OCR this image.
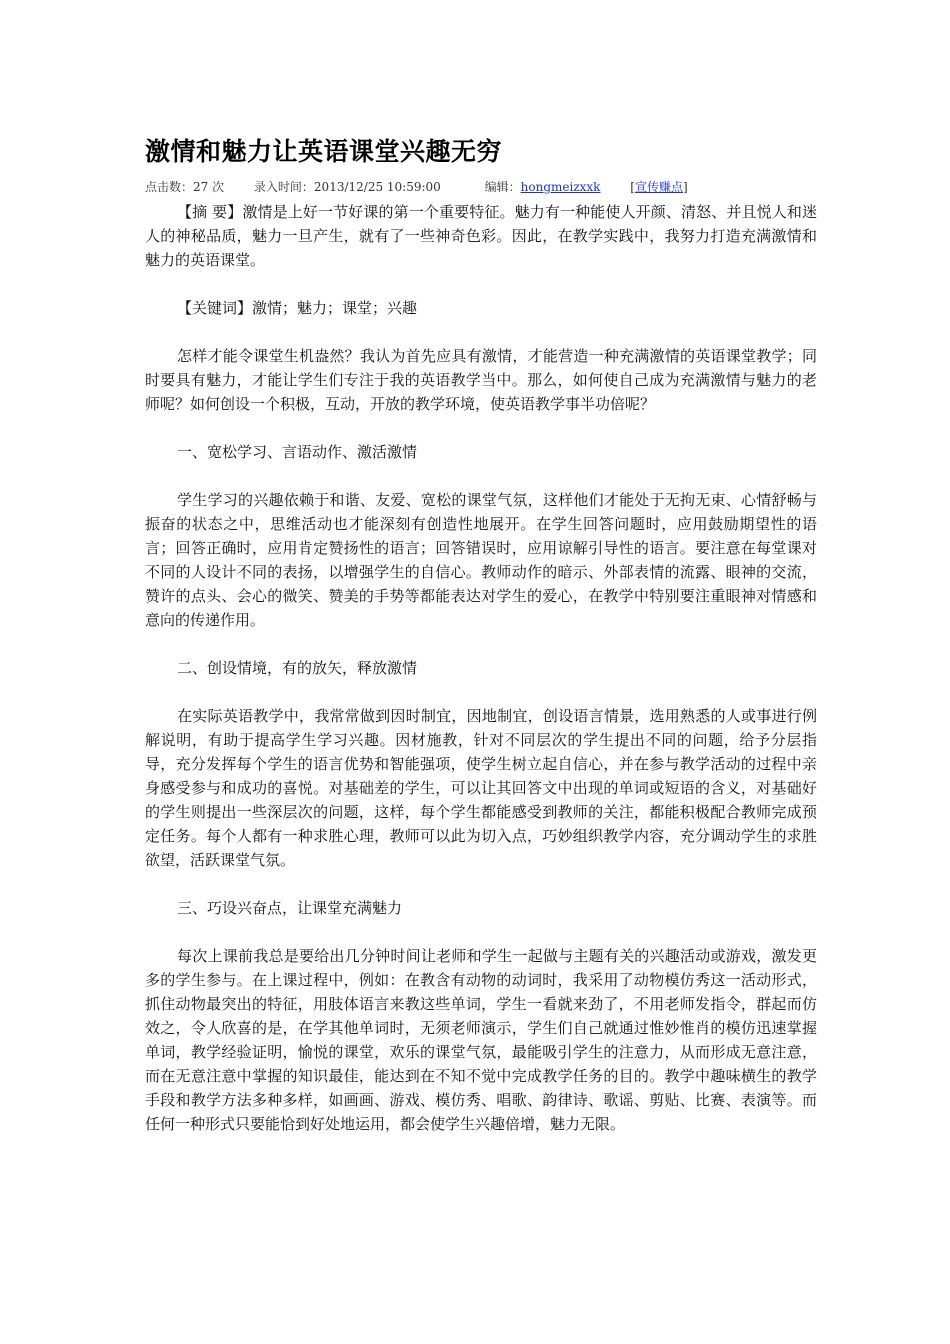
激情和魅力让英语课堂兴趣无穷
点击数：27 次 录入时间：2013/12/25 10:59:00	编辑：hongmeizxxk [宣传赚点]

【摘 要】激情是上好一节好课的第一个重要特征。魅力有一种能使人开颜、清怒、并且悦人和迷人的神秘品质，魅力一旦产生，就有了一些神奇色彩。因此，在教学实践中，我努力打造充满激情和魅力的英语课堂。

【关键词】激情；魅力；课堂；兴趣

怎样才能令课堂生机盎然？我认为首先应具有激情，才能营造一种充满激情的英语课堂教学；同时要具有魅力，才能让学生们专注于我的英语教学当中。那么，如何使自己成为充满激情与魅力的老师呢？如何创设一个积极，互动，开放的教学环境，使英语教学事半功倍呢？

一、宽松学习、言语动作、激活激情

学生学习的兴趣依赖于和谐、友爱、宽松的课堂气氛，这样他们才能处于无拘无束、心情舒畅与振奋的状态之中，思维活动也才能深刻有创造性地展开。在学生回答问题时，应用鼓励期望性的语言；回答正确时，应用肯定赞扬性的语言；回答错误时，应用谅解引导性的语言。要注意在每堂课对不同的人设计不同的表扬，以增强学生的自信心。教师动作的暗示、外部表情的流露、眼神的交流，赞许的点头、会心的微笑、赞美的手势等都能表达对学生的爱心，在教学中特别要注重眼神对情感和意向的传递作用。

二、创设情境，有的放矢，释放激情

在实际英语教学中，我常常做到因时制宜，因地制宜，创设语言情景，选用熟悉的人或事进行例解说明，有助于提高学生学习兴趣。因材施教，针对不同层次的学生提出不同的问题，给予分层指导，充分发挥每个学生的语言优势和智能强项，使学生树立起自信心，并在参与教学活动的过程中亲身感受参与和成功的喜悦。对基础差的学生，可以让其回答文中出现的单词或短语的含义，对基础好的学生则提出一些深层次的问题，这样，每个学生都能感受到教师的关注，都能积极配合教师完成预定任务。每个人都有一种求胜心理，教师可以此为切入点，巧妙组织教学内容，充分调动学生的求胜欲望，活跃课堂气氛。

三、巧设兴奋点，让课堂充满魅力

每次上课前我总是要给出几分钟时间让老师和学生一起做与主题有关的兴趣活动或游戏，激发更多的学生参与。在上课过程中，例如：在教含有动物的动词时，我采用了动物模仿秀这一活动形式，抓住动物最突出的特征，用肢体语言来教这些单词，学生一看就来劲了，不用老师发指令，群起而仿效之，令人欣喜的是，在学其他单词时，无须老师演示，学生们自己就通过惟妙惟肖的模仿迅速掌握单词，教学经验证明，愉悦的课堂，欢乐的课堂气氛，最能吸引学生的注意力，从而形成无意注意，而在无意注意中掌握的知识最佳，能达到在不知不觉中完成教学任务的目的。教学中趣味横生的教学手段和教学方法多种多样，如画画、游戏、模仿秀、唱歌、韵律诗、歌谣、剪贴、比赛、表演等。而任何一种形式只要能恰到好处地运用，都会使学生兴趣倍增，魅力无限。
